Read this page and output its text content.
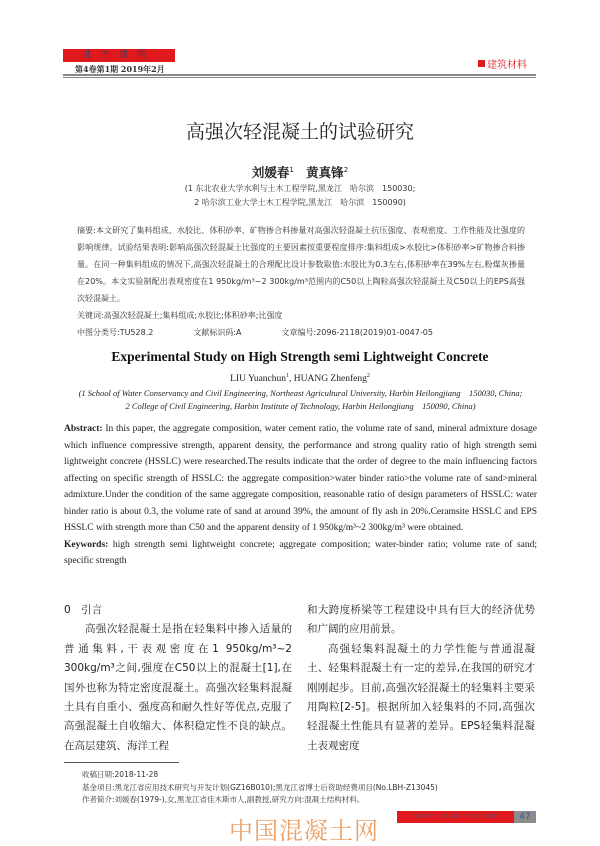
北方建筑
第4卷第1期 2019年2月	建筑材料
高强次轻混凝土的试验研究
刘媛春$^1$ 黄真锋$^2$
(1 东北农业大学水利与土木工程学院,黑龙江　哈尔滨　150030;
2 哈尔滨工业大学土木工程学院,黑龙江　哈尔滨　150090)

摘要:本文研究了集料组成、水胶比、体积砂率、矿物掺合料掺量对高强次轻混凝土抗压强度、表观密度、工作性能及比强度的影响规律。试验结果表明:影响高强次轻混凝土比强度的主要因素按重要程度排序:集料组成>水胶比>体积砂率>矿物掺合料掺量。在同一种集料组成的情况下,高强次轻混凝土的合理配比设计参数取值:水胶比为0.3左右,体积砂率在39%左右,粉煤灰掺量在20%。本文实验制配出表观密度在1 950kg/m³~2 300kg/m³范围内的C50以上陶粒高强次轻混凝土及C50以上的EPS高强次轻混凝土。

关键词:高强次轻混凝土;集料组成;水胶比;体积砂率;比强度

中图分类号:TU528.2	文献标识码:A	文章编号:2096-2118(2019)01-0047-05
Experimental Study on High Strength semi Lightweight Concrete
LIU Yuanchun$^1$, HUANG Zhenfeng$^2$

(1 School of Water Conservancy and Civil Engineering, Northeast Agricultural University, Harbin Heilongjiang　150030, China;

2 College of Civil Engineering, Harbin Institute of Technology, Harbin Heilongjiang　150090, China)

Abstract: In this paper, the aggregate composition, water cement ratio, the volume rate of sand, mineral admixture dosage which influence compressive strength, apparent density, the performance and strong quality ratio of high strength semi lightweight concrete (HSSLC) were researched.The results indicate that the order of degree to the main influencing factors affecting on specific strength of HSSLC: the aggregate composition>water binder ratio>the volume rate of sand>mineral admixture.Under the condition of the same aggregate composition, reasonable ratio of design parameters of HSSLC: water binder ratio is about 0.3, the volume rate of sand at around 39%, the amount of fly ash in 20%.Ceramsite HSSLC and EPS HSSLC with strength more than C50 and the apparent density of 1 950kg/m³~2 300kg/m³ were obtained.

Keywords: high strength semi lightweight concrete; aggregate composition; water-binder ratio; volume rate of sand; specific strength

0　引言

高强次轻混凝土是指在轻集料中掺入适量的普通集料,干表观密度在1 950kg/m³~2 300kg/m³之间,强度在C50以上的混凝土[1],在国外也称为特定密度混凝土。高强次轻集料混凝土具有自重小、强度高和耐久性好等优点,克服了高强混凝土自收缩大、体积稳定性不良的缺点。在高层建筑、海洋工程

和大跨度桥梁等工程建设中具有巨大的经济优势和广阔的应用前景。

高强轻集料混凝土的力学性能与普通混凝土、轻集料混凝土有一定的差异,在我国的研究才刚刚起步。目前,高强次轻混凝土的轻集料主要采用陶粒[2-5]。根据所加入轻集料的不同,高强次轻混凝土性能具有显著的差异。EPS轻集料混凝土表观密度

收稿日期:2018-11-28

基金项目:黑龙江省应用技术研究与开发计划(GZ16B010);黑龙江省博士后资助经费项目(No.LBH-Z13045)

作者简介:刘媛春(1979-),女,黑龙江省佳木斯市人,副教授,研究方向:混凝土结构材料。

中国混凝土网	NORTHERN ARCHITECTURE	47
